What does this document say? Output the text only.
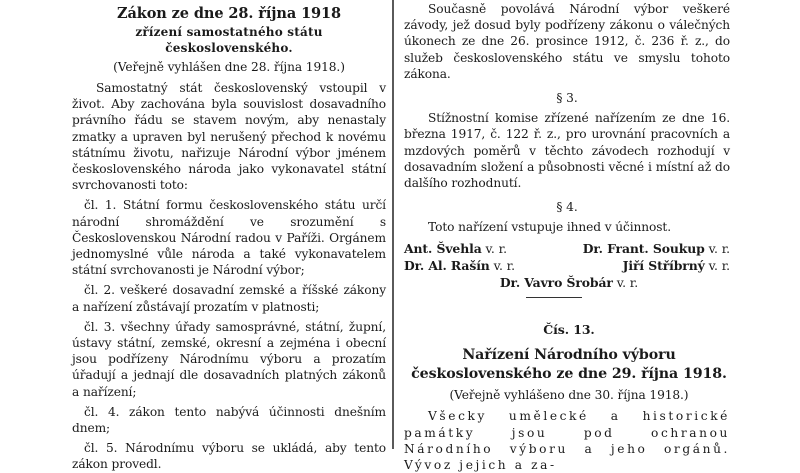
Zákon ze dne 28. října 1918
zřízení samostatného státu československého.
(Veřejně vyhlášen dne 28. října 1918.)

Samostatný stát československý vstoupil v život. Aby zachována byla souvislost dosavadního právního řádu se stavem novým, aby nenastaly zmatky a upraven byl nerušený přechod k novému státnímu životu, nařizuje Národní výbor jménem československého národa jako vykonavatel státní svrchovanosti toto:

čl. 1. Státní formu československého státu určí národní shromáždění ve srozumění s Československou Národní radou v Paříži. Orgánem jednomyslné vůle národa a také vykonavatelem státní svrchovanosti je Národní výbor;

čl. 2. veškeré dosavadní zemské a říšské zákony a nařízení zůstávají prozatím v platnosti;

čl. 3. všechny úřady samosprávné, státní, župní, ústavy státní, zemské, okresní a zejména i obecní jsou podřízeny Národnímu výboru a prozatím úřadují a jednají dle dosavadních platných zákonů a nařízení;

čl. 4. zákon tento nabývá účinnosti dnešním dnem;

čl. 5. Národnímu výboru se ukládá, aby tento zákon provedl.

Současně povolává Národní výbor veškeré závody, jež dosud byly podřízeny zákonu o válečných úkonech ze dne 26. prosince 1912, č. 236 ř. z., do služeb československého státu ve smyslu tohoto zákona.

§ 3.

Stížnostní komise zřízené nařízením ze dne 16. března 1917, č. 122 ř. z., pro urovnání pracovních a mzdových poměrů v těchto závodech rozhodují v dosavadním složení a působnosti věcné i místní až do dalšího rozhodnutí.

§ 4.

Toto nařízení vstupuje ihned v účinnost.

Ant. Švehla v. r.	Dr. Frant. Soukup v. r.
Dr. Al. Rašín v. r.	Jiří Stříbrný v. r.
Dr. Vavro Šrobár v. r.
Čís. 13.
Nařízení Národního výboru
československého ze dne 29. října 1918.
(Veřejně vyhlášeno dne 30. října 1918.)

Všecky umělecké a historické památky jsou pod ochranou Národního výboru a jeho orgánů. Vývoz jejich a za-
